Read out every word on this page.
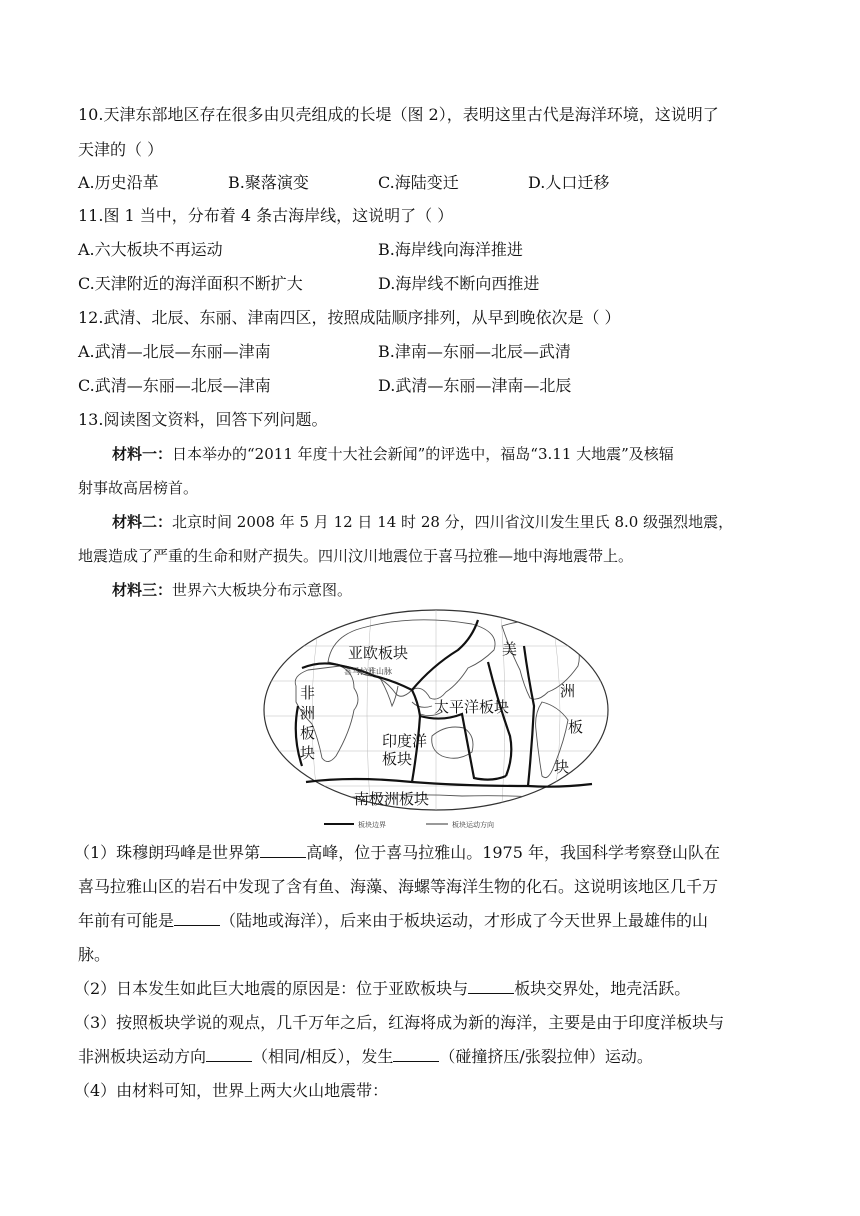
10.天津东部地区存在很多由贝壳组成的长堤（图 2），表明这里古代是海洋环境，这说明了
天津的（ ）
A.历史沿革	B.聚落演变	C.海陆变迁	D.人口迁移
11.图 1 当中，分布着 4 条古海岸线，这说明了（ ）
A.六大板块不再运动	B.海岸线向海洋推进
C.天津附近的海洋面积不断扩大	D.海岸线不断向西推进
12.武清、北辰、东丽、津南四区，按照成陆顺序排列，从早到晚依次是（ ）
A.武清—北辰—东丽—津南	B.津南—东丽—北辰—武清
C.武清—东丽—北辰—津南	D.武清—东丽—津南—北辰
13.阅读图文资料，回答下列问题。
材料一：日本举办的“2011 年度十大社会新闻”的评选中，福岛“3.11 大地震”及核辐
射事故高居榜首。
材料二：北京时间 2008 年 5 月 12 日 14 时 28 分，四川省汶川发生里氏 8.0 级强烈地震，
地震造成了严重的生命和财产损失。四川汶川地震位于喜马拉雅—地中海地震带上。
材料三：世界六大板块分布示意图。
亚欧板块
喜马拉雅山脉
非
洲
板
块
太平洋板块
印度洋
板块
美
洲
板
块
南极洲板块
板块边界	板块运动方向
（1）珠穆朗玛峰是世界第	高峰，位于喜马拉雅山。1975 年，我国科学考察登山队在
喜马拉雅山区的岩石中发现了含有鱼、海藻、海螺等海洋生物的化石。这说明该地区几千万
年前有可能是	（陆地或海洋），后来由于板块运动，才形成了今天世界上最雄伟的山
脉。
（2）日本发生如此巨大地震的原因是：位于亚欧板块与	板块交界处，地壳活跃。
（3）按照板块学说的观点，几千万年之后，红海将成为新的海洋，主要是由于印度洋板块与
非洲板块运动方向	（相同/相反），发生	（碰撞挤压/张裂拉伸）运动。
（4）由材料可知，世界上两大火山地震带：
